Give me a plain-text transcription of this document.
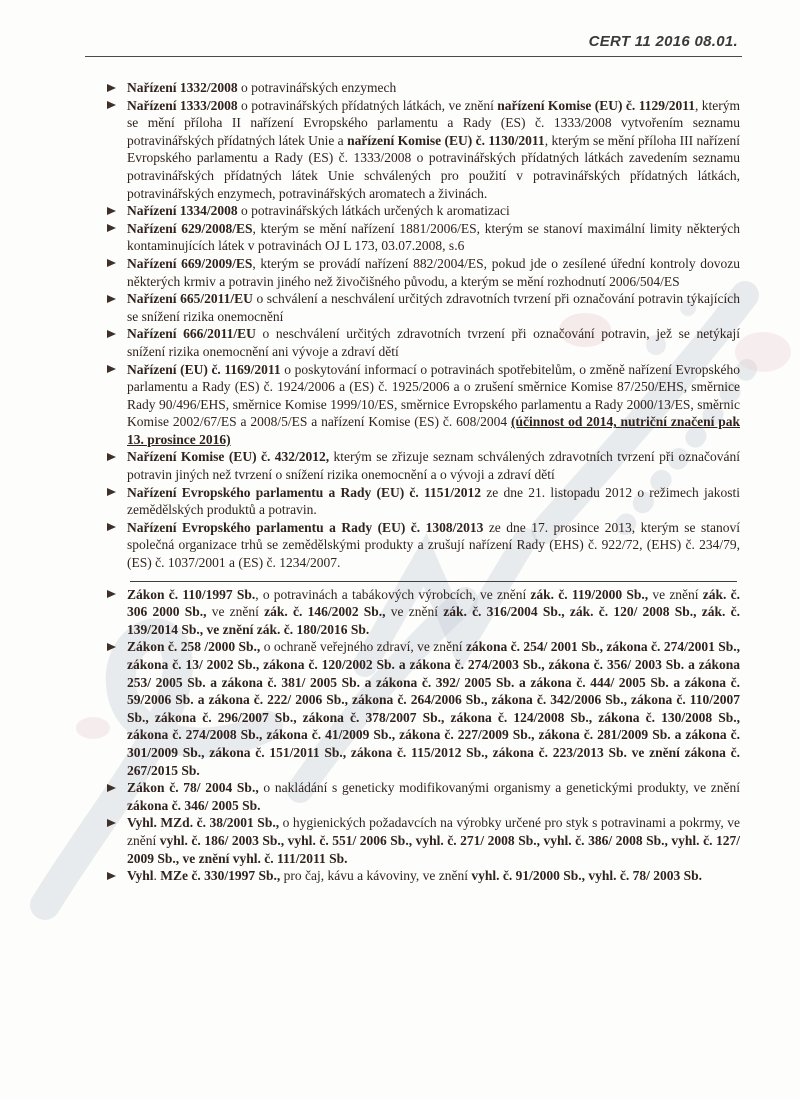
CERT 11 2016 08.01.
Nařízení 1332/2008 o potravinářských enzymech
Nařízení 1333/2008 o potravinářských přídatných látkách, ve znění nařízení Komise (EU) č. 1129/2011, kterým se mění příloha II nařízení Evropského parlamentu a Rady (ES) č. 1333/2008 vytvořením seznamu potravinářských přídatných látek Unie a nařízení Komise (EU) č. 1130/2011, kterým se mění příloha III nařízení Evropského parlamentu a Rady (ES) č. 1333/2008 o potravinářských přídatných látkách zavedením seznamu potravinářských přídatných látek Unie schválených pro použití v potravinářských přídatných látkách, potravinářských enzymech, potravinářských aromatech a živinách.
Nařízení 1334/2008 o potravinářských látkách určených k aromatizaci
Nařízení 629/2008/ES, kterým se mění nařízení 1881/2006/ES, kterým se stanoví maximální limity některých kontaminujících látek v potravinách OJ L 173, 03.07.2008, s.6
Nařízení 669/2009/ES, kterým se provádí nařízení 882/2004/ES, pokud jde o zesílené úřední kontroly dovozu některých krmiv a potravin jiného než živočišného původu, a kterým se mění rozhodnutí 2006/504/ES
Nařízení 665/2011/EU o schválení a neschválení určitých zdravotních tvrzení při označování potravin týkajících se snížení rizika onemocnění
Nařízení 666/2011/EU o neschválení určitých zdravotních tvrzení při označování potravin, jež se netýkají snížení rizika onemocnění ani vývoje a zdraví dětí
Nařízení (EU) č. 1169/2011 o poskytování informací o potravinách spotřebitelům, o změně nařízení Evropského parlamentu a Rady (ES) č. 1924/2006 a (ES) č. 1925/2006 a o zrušení směrnice Komise 87/250/EHS, směrnice Rady 90/496/EHS, směrnice Komise 1999/10/ES, směrnice Evropského parlamentu a Rady 2000/13/ES, směrnic Komise 2002/67/ES a 2008/5/ES a nařízení Komise (ES) č. 608/2004 (účinnost od 2014, nutriční značení pak 13. prosince 2016)
Nařízení Komise (EU) č. 432/2012, kterým se zřizuje seznam schválených zdravotních tvrzení při označování potravin jiných než tvrzení o snížení rizika onemocnění a o vývoji a zdraví dětí
Nařízení Evropského parlamentu a Rady (EU) č. 1151/2012 ze dne 21. listopadu 2012 o režimech jakosti zemědělských produktů a potravin.
Nařízení Evropského parlamentu a Rady (EU) č. 1308/2013 ze dne 17. prosince 2013, kterým se stanoví společná organizace trhů se zemědělskými produkty a zrušují nařízení Rady (EHS) č. 922/72, (EHS) č. 234/79, (ES) č. 1037/2001 a (ES) č. 1234/2007.
Zákon č. 110/1997 Sb., o potravinách a tabákových výrobcích, ve znění zák. č. 119/2000 Sb., ve znění zák. č. 306 2000 Sb., ve znění zák. č. 146/2002 Sb., ve znění zák. č. 316/2004 Sb., zák. č. 120/ 2008 Sb., zák. č. 139/2014 Sb., ve znění zák. č. 180/2016 Sb.
Zákon č. 258 /2000 Sb., o ochraně veřejného zdraví, ve znění zákona č. 254/ 2001 Sb., zákona č. 274/2001 Sb., zákona č. 13/ 2002 Sb., zákona č. 120/2002 Sb. a zákona č. 274/2003 Sb., zákona č. 356/ 2003 Sb. a zákona 253/ 2005 Sb. a zákona č. 381/ 2005 Sb. a zákona č. 392/ 2005 Sb. a zákona č. 444/ 2005 Sb. a zákona č. 59/2006 Sb. a zákona č. 222/ 2006 Sb., zákona č. 264/2006 Sb., zákona č. 342/2006 Sb., zákona č. 110/2007 Sb., zákona č. 296/2007 Sb., zákona č. 378/2007 Sb., zákona č. 124/2008 Sb., zákona č. 130/2008 Sb., zákona č. 274/2008 Sb., zákona č. 41/2009 Sb., zákona č. 227/2009 Sb., zákona č. 281/2009 Sb. a zákona č. 301/2009 Sb., zákona č. 151/2011 Sb., zákona č. 115/2012 Sb., zákona č. 223/2013 Sb. ve znění zákona č. 267/2015 Sb.
Zákon č. 78/ 2004 Sb., o nakládání s geneticky modifikovanými organismy a genetickými produkty, ve znění zákona č. 346/ 2005 Sb.
Vyhl. MZd. č. 38/2001 Sb., o hygienických požadavcích na výrobky určené pro styk s potravinami a pokrmy, ve znění vyhl. č. 186/ 2003 Sb., vyhl. č. 551/ 2006 Sb., vyhl. č. 271/ 2008 Sb., vyhl. č. 386/ 2008 Sb., vyhl. č. 127/ 2009 Sb., ve znění vyhl. č. 111/2011 Sb.
Vyhl. MZe č. 330/1997 Sb., pro čaj, kávu a kávoviny, ve znění vyhl. č. 91/2000 Sb., vyhl. č. 78/ 2003 Sb.
